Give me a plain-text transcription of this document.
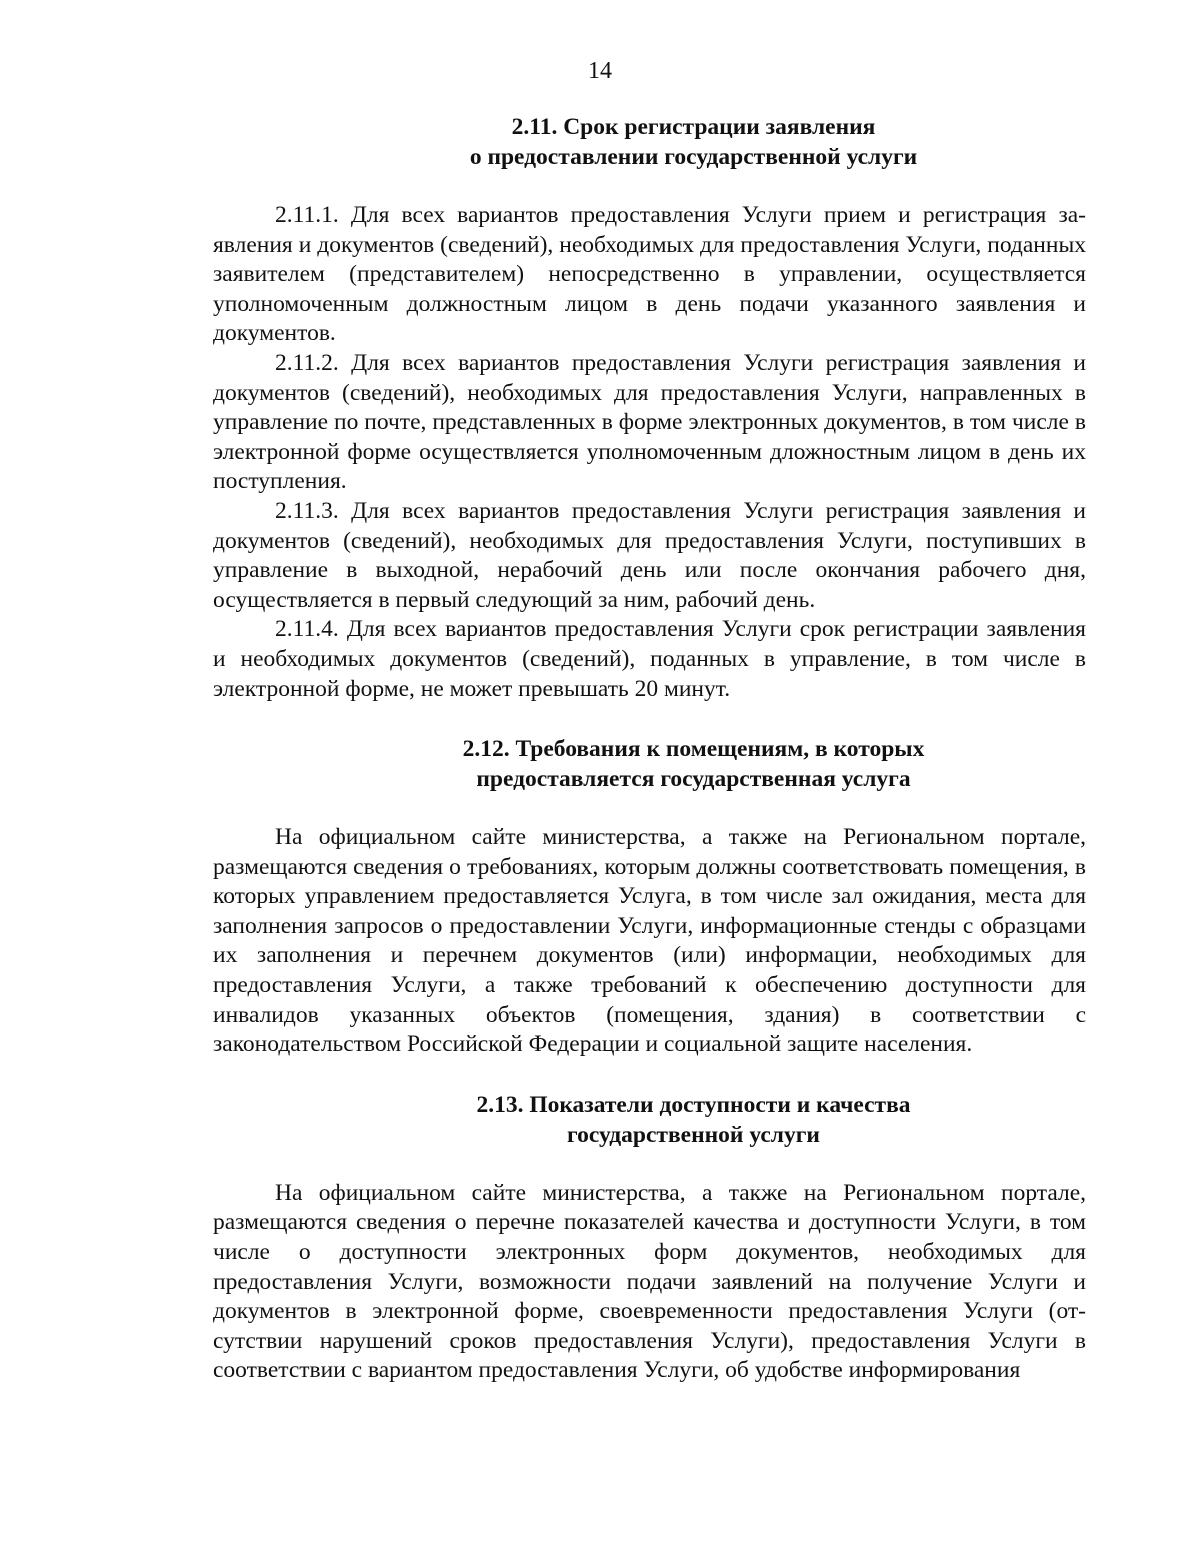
14
2.11. Срок регистрации заявления
о предоставлении государственной услуги

2.11.1. Для всех вариантов предоставления Услуги прием и регистрация заявления и документов (сведений), необходимых для предоставления Услуги, поданных заявителем (представителем) непосредственно в управлении, осуществляется уполномоченным должностным лицом в день подачи указанного заявления и документов.

2.11.2. Для всех вариантов предоставления Услуги регистрация заявления и документов (сведений), необходимых для предоставления Услуги, направленных в управление по почте, представленных в форме электронных документов, в том числе в электронной форме осуществляется уполномоченным дложностным лицом в день их поступления.

2.11.3. Для всех вариантов предоставления Услуги регистрация заявления и документов (сведений), необходимых для предоставления Услуги, поступивших в управление в выходной, нерабочий день или после окончания рабочего дня, осуществляется в первый следующий за ним, рабочий день.

2.11.4. Для всех вариантов предоставления Услуги срок регистрации заявления и необходимых документов (сведений), поданных в управление, в том числе в электронной форме, не может превышать 20 минут.

2.12. Требования к помещениям, в которых
предоставляется государственная услуга

На официальном сайте министерства, а также на Региональном портале, размещаются сведения о требованиях, которым должны соответствовать помещения, в которых управлением предоставляется Услуга, в том числе зал ожидания, места для заполнения запросов о предоставлении Услуги, информационные стенды с образцами их заполнения и перечнем документов (или) информации, необходимых для предоставления Услуги, а также требований к обеспечению доступности для инвалидов указанных объектов (помещения, здания) в соответствии с законодательством Российской Федерации и социальной защите населения.

2.13. Показатели доступности и качества
государственной услуги

На официальном сайте министерства, а также на Региональном портале, размещаются сведения о перечне показателей качества и доступности Услуги, в том числе о доступности электронных форм документов, необходимых для предоставления Услуги, возможности подачи заявлений на получение Услуги и документов в электронной форме, своевременности предоставления Услуги (отсутствии нарушений сроков предоставления Услуги), предоставления Услуги в соответствии с вариантом предоставления Услуги, об удобстве информирования
